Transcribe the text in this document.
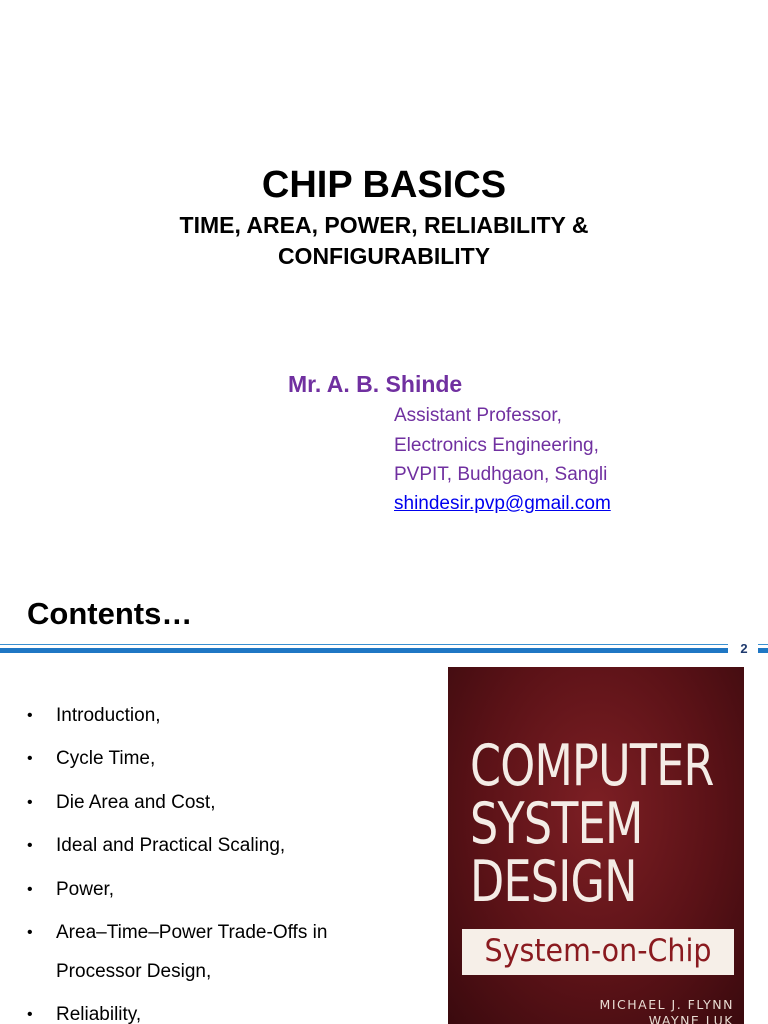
CHIP BASICS
TIME, AREA, POWER, RELIABILITY & CONFIGURABILITY
Mr. A. B. Shinde
Assistant Professor,
Electronics Engineering,
PVPIT, Budhgaon, Sangli
shindesir.pvp@gmail.com
Contents…
2
• Introduction,
• Cycle Time,
• Die Area and Cost,
• Ideal and Practical Scaling,
• Power,
• Area–Time–Power Trade-Offs in
Processor Design,
• Reliability,
COMPUTER
SYSTEM
DESIGN
System-on-Chip
MICHAEL J. FLYNN
WAYNE LUK
